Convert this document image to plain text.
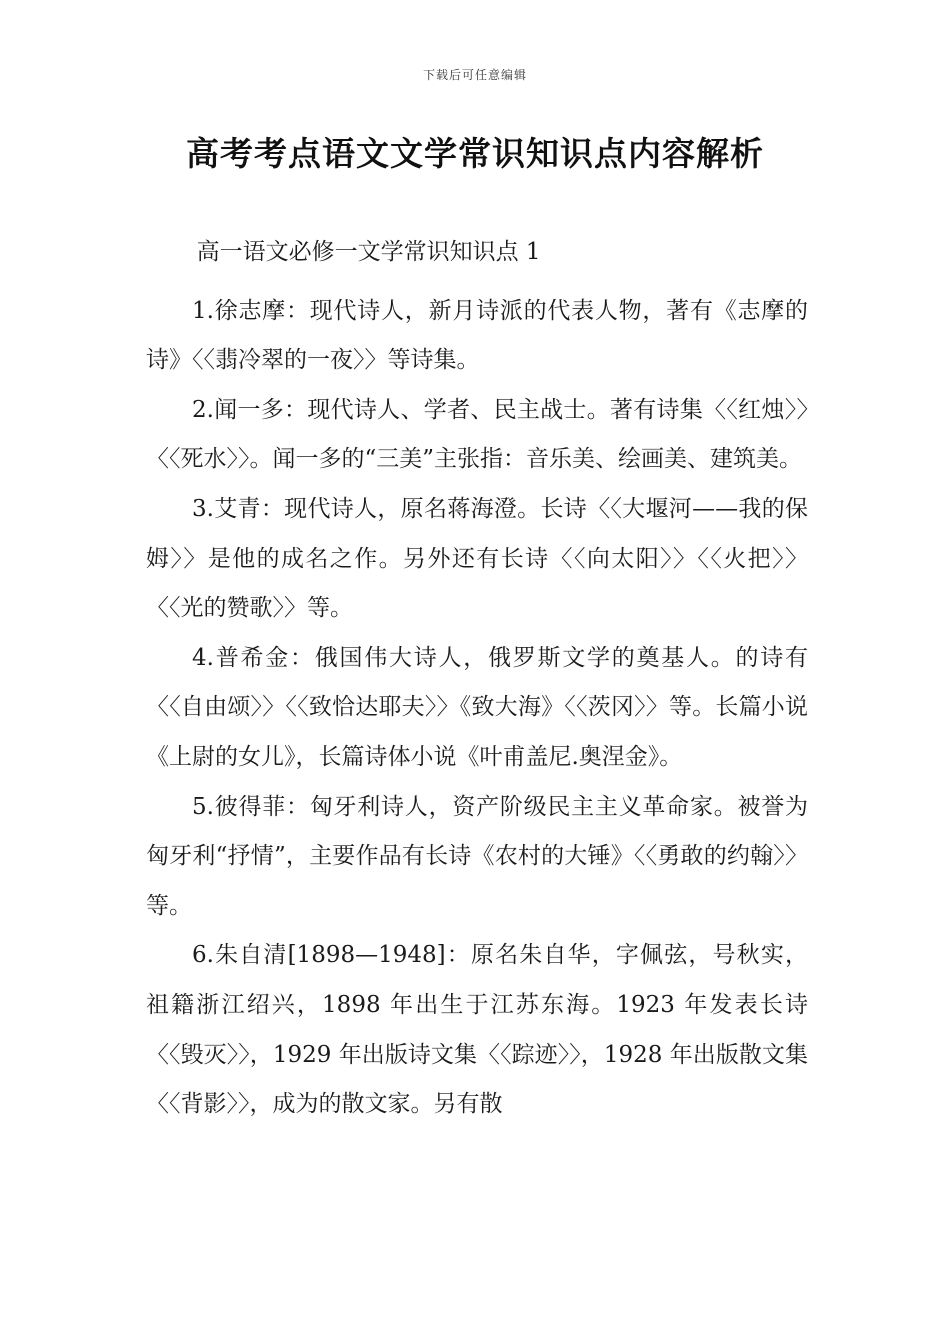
下载后可任意编辑
高考考点语文文学常识知识点内容解析

高一语文必修一文学常识知识点 1

1.徐志摩：现代诗人，新月诗派的代表人物，著有《志摩的诗》〈〈翡冷翠的一夜〉〉等诗集。

2.闻一多：现代诗人、学者、民主战士。著有诗集〈〈红烛〉〉〈〈死水〉〉。闻一多的“三美”主张指：音乐美、绘画美、建筑美。

3.艾青：现代诗人，原名蒋海澄。长诗〈〈大堰河——我的保姆〉〉是他的成名之作。另外还有长诗〈〈向太阳〉〉〈〈火把〉〉〈〈光的赞歌〉〉等。

4.普希金：俄国伟大诗人，俄罗斯文学的奠基人。的诗有〈〈自由颂〉〉〈〈致恰达耶夫〉〉《致大海》〈〈茨冈〉〉等。长篇小说《上尉的女儿》，长篇诗体小说《叶甫盖尼.奥涅金》。

5.彼得菲：匈牙利诗人，资产阶级民主主义革命家。被誉为匈牙利“抒情”，主要作品有长诗《农村的大锤》〈〈勇敢的约翰〉〉等。

6.朱自清[1898—1948]：原名朱自华，字佩弦，号秋实，祖籍浙江绍兴，1898 年出生于江苏东海。1923 年发表长诗〈〈毁灭〉〉，1929 年出版诗文集〈〈踪迹〉〉，1928 年出版散文集〈〈背影〉〉，成为的散文家。另有散
